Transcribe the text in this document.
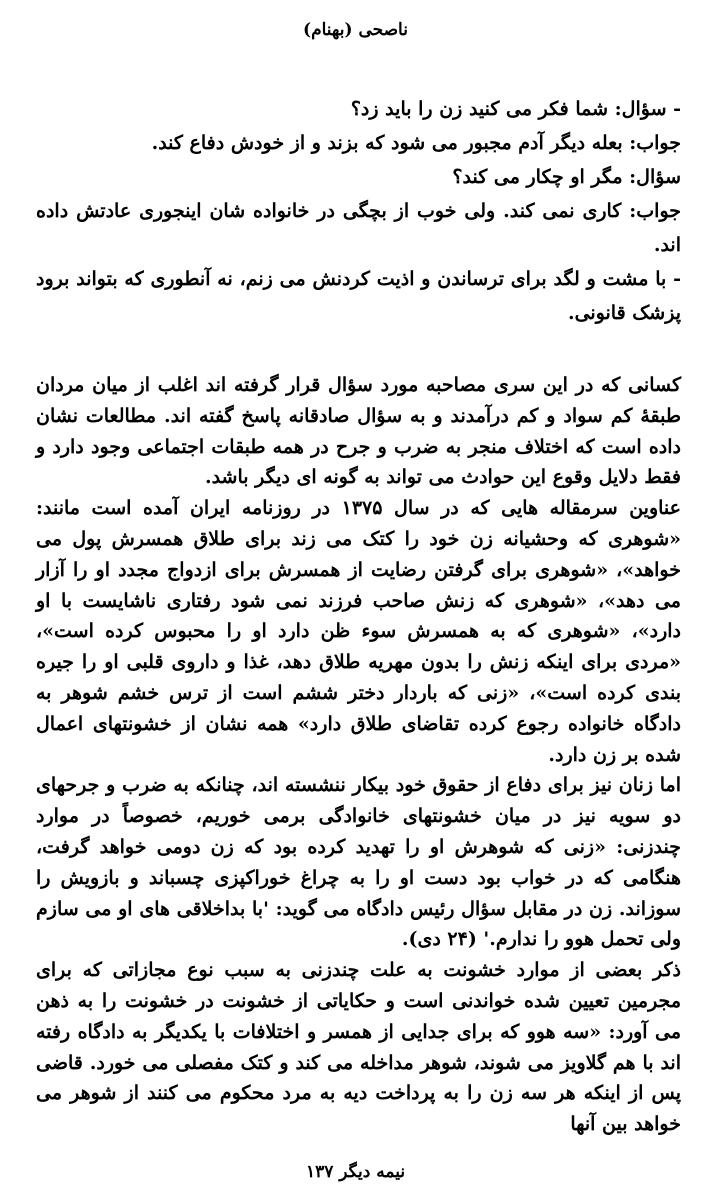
ناصحی (بهنام)

- سؤال: شما فکر می کنید زن را باید زد؟

جواب: بعله دیگر آدم مجبور می شود که بزند و از خودش دفاع کند.

سؤال: مگر او چکار می کند؟

جواب: کاری نمی کند. ولی خوب از بچگی در خانواده شان اینجوری عادتش داده اند.

- با مشت و لگد برای ترساندن و اذیت کردنش می زنم، نه آنطوری که بتواند برود پزشک قانونی.

کسانی که در این سری مصاحبه مورد سؤال قرار گرفته اند اغلب از میان مردان طبقهٔ کم سواد و کم درآمدند و به سؤال صادقانه پاسخ گفته اند. مطالعات نشان داده است که اختلاف منجر به ضرب و جرح در همه طبقات اجتماعی وجود دارد و فقط دلایل وقوع این حوادث می تواند به گونه ای دیگر باشد.

عناوین سرمقاله هایی که در سال ۱۳۷۵ در روزنامه ایران آمده است مانند: «شوهری که وحشیانه زن خود را کتک می زند برای طلاق همسرش پول می خواهد»، «شوهری برای گرفتن رضایت از همسرش برای ازدواج مجدد او را آزار می دهد»، «شوهری که زنش صاحب فرزند نمی شود رفتاری ناشایست با او دارد»، «شوهری که به همسرش سوء ظن دارد او را محبوس کرده است»، «مردی برای اینکه زنش را بدون مهریه طلاق دهد، غذا و داروی قلبی او را جیره بندی کرده است»، «زنی که باردار دختر ششم است از ترس خشم شوهر به دادگاه خانواده رجوع کرده تقاضای طلاق دارد» همه نشان از خشونتهای اعمال شده بر زن دارد.

اما زنان نیز برای دفاع از حقوق خود بیکار ننشسته اند، چنانکه به ضرب و جرحهای دو سویه نیز در میان خشونتهای خانوادگی برمی خوریم، خصوصاً در موارد چندزنی: «زنی که شوهرش او را تهدید کرده بود که زن دومی خواهد گرفت، هنگامی که در خواب بود دست او را به چراغ خوراکپزی چسباند و بازویش را سوزاند. زن در مقابل سؤال رئیس دادگاه می گوید: 'با بداخلاقی های او می سازم ولی تحمل هوو را ندارم.' (۲۴ دی).

ذکر بعضی از موارد خشونت به علت چندزنی به سبب نوع مجازاتی که برای مجرمین تعیین شده خواندنی است و حکایاتی از خشونت در خشونت را به ذهن می آورد: «سه هوو که برای جدایی از همسر و اختلافات با یکدیگر به دادگاه رفته اند با هم گلاویز می شوند، شوهر مداخله می کند و کتک مفصلی می خورد. قاضی پس از اینکه هر سه زن را به پرداخت دیه به مرد محکوم می کنند از شوهر می خواهد بین آنها

نیمه دیگر ۱۳۷
